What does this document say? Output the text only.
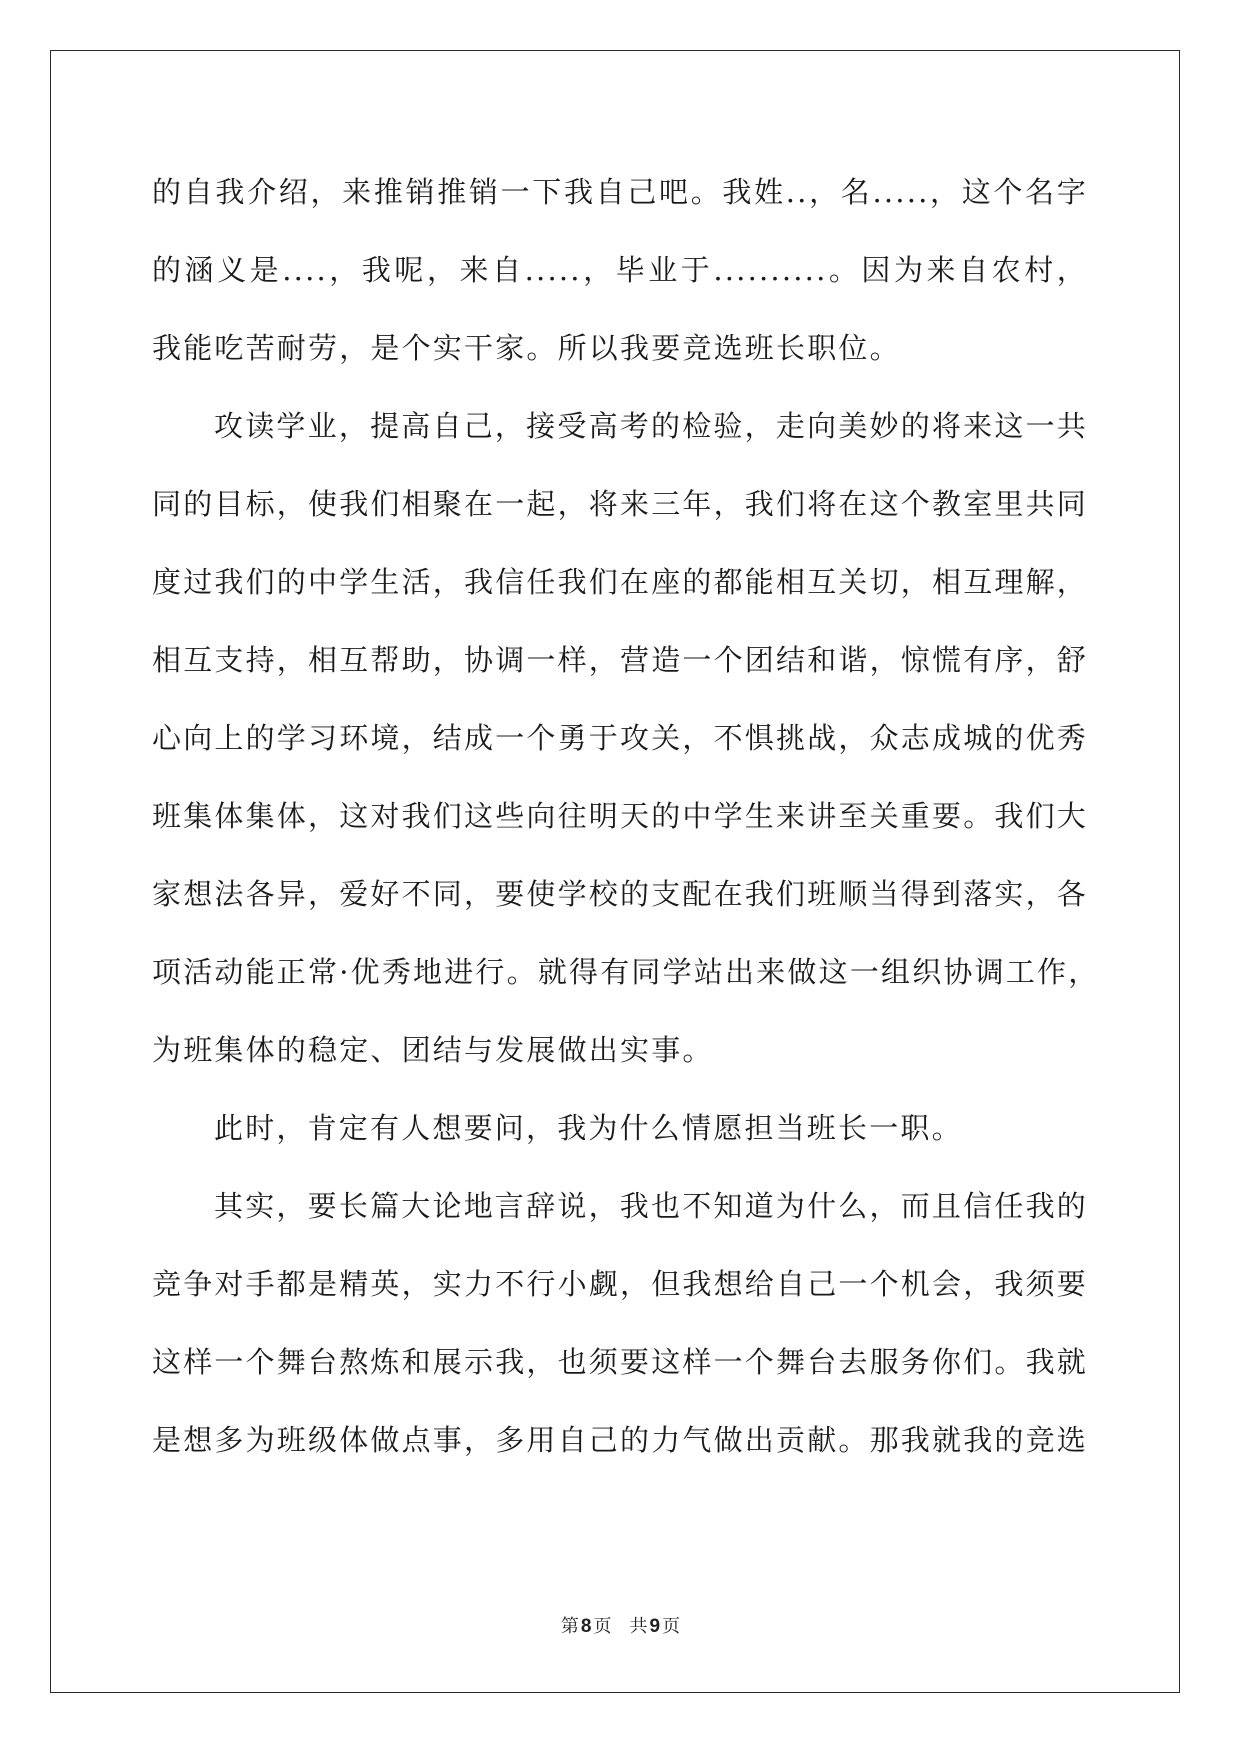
的自我介绍，来推销推销一下我自己吧。我姓..，名.....，这个名字
的涵义是....，我呢，来自.....，毕业于..........。因为来自农村，
我能吃苦耐劳，是个实干家。所以我要竞选班长职位。
攻读学业，提高自己，接受高考的检验，走向美妙的将来这一共
同的目标，使我们相聚在一起，将来三年，我们将在这个教室里共同
度过我们的中学生活，我信任我们在座的都能相互关切，相互理解，
相互支持，相互帮助，协调一样，营造一个团结和谐，惊慌有序，舒
心向上的学习环境，结成一个勇于攻关，不惧挑战，众志成城的优秀
班集体集体，这对我们这些向往明天的中学生来讲至关重要。我们大
家想法各异，爱好不同，要使学校的支配在我们班顺当得到落实，各
项活动能正常·优秀地进行。就得有同学站出来做这一组织协调工作，
为班集体的稳定、团结与发展做出实事。
此时，肯定有人想要问，我为什么情愿担当班长一职。
其实，要长篇大论地言辞说，我也不知道为什么，而且信任我的
竞争对手都是精英，实力不行小觑，但我想给自己一个机会，我须要
这样一个舞台熬炼和展示我，也须要这样一个舞台去服务你们。我就
是想多为班级体做点事，多用自己的力气做出贡献。那我就我的竞选
第 8 页 共 9 页
